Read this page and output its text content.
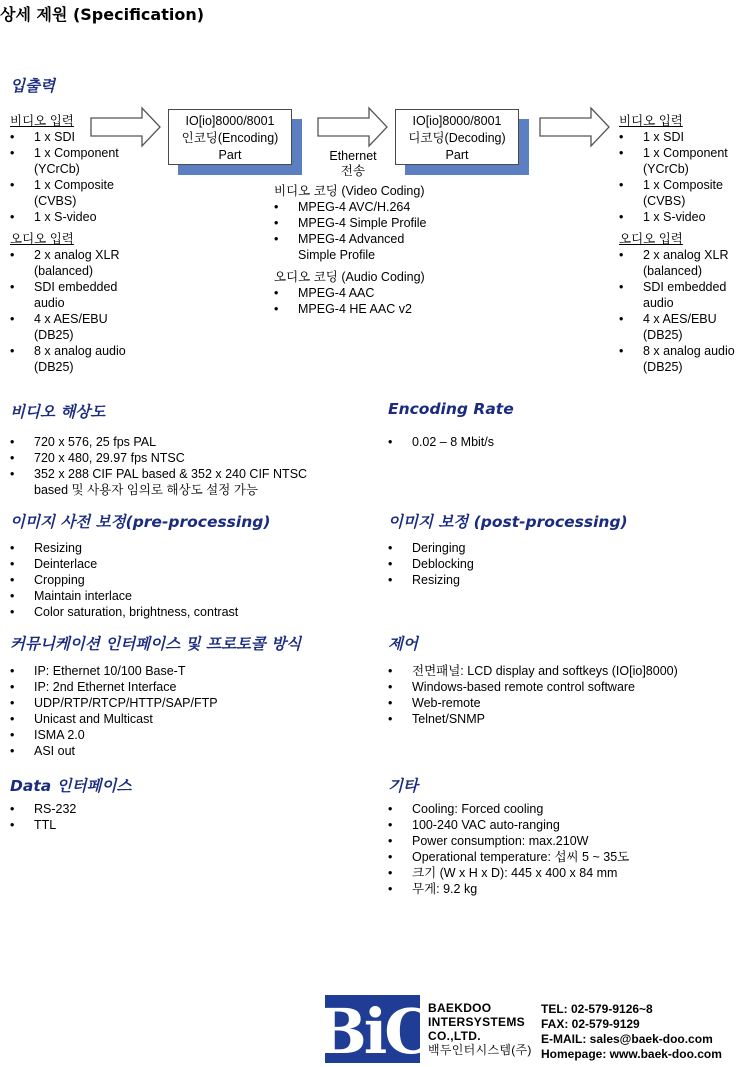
상세 제원 (Specification)
입출력
비디오 입력
• 1 x SDI
• 1 x Component (YCrCb)
• 1 x Composite (CVBS)
• 1 x S-video
오디오 입력
• 2 x analog XLR (balanced)
• SDI embedded audio
• 4 x AES/EBU (DB25)
• 8 x analog audio (DB25)
IO[io]8000/8001
인코딩(Encoding)
Part	Ethernet
전송
IO[io]8000/8001
디코딩(Decoding)
Part
비디오 코딩 (Video Coding)
• MPEG-4 AVC/H.264
• MPEG-4 Simple Profile
• MPEG-4 Advanced Simple Profile
오디오 코딩 (Audio Coding)
• MPEG-4 AAC
• MPEG-4 HE AAC v2
비디오 입력
• 1 x SDI
• 1 x Component (YCrCb)
• 1 x Composite (CVBS)
• 1 x S-video
오디오 입력
• 2 x analog XLR (balanced)
• SDI embedded audio
• 4 x AES/EBU (DB25)
• 8 x analog audio (DB25)
비디오 해상도
• 720 x 576, 25 fps PAL
• 720 x 480, 29.97 fps NTSC
• 352 x 288 CIF PAL based & 352 x 240 CIF NTSC based 및 사용자 임의로 해상도 설정 가능
Encoding Rate
• 0.02 – 8 Mbit/s
이미지 사전 보정(pre-processing)
• Resizing
• Deinterlace
• Cropping
• Maintain interlace
• Color saturation, brightness, contrast
이미지 보정 (post-processing)
• Deringing
• Deblocking
• Resizing
커뮤니케이션 인터페이스 및 프로토콜 방식
• IP: Ethernet 10/100 Base-T
• IP: 2nd Ethernet Interface
• UDP/RTP/RTCP/HTTP/SAP/FTP
• Unicast and Multicast
• ISMA 2.0
• ASI out
제어
• 전면패널: LCD display and softkeys (IO[io]8000)
• Windows-based remote control software
• Web-remote
• Telnet/SNMP
Data 인터페이스
• RS-232
• TTL
기타
• Cooling: Forced cooling
• 100-240 VAC auto-ranging
• Power consumption: max.210W
• Operational temperature: 섭씨 5 ~ 35도
• 크기 (W x H x D): 445 x 400 x 84 mm
• 무게: 9.2 kg
BiC
BAEKDOO
INTERSYSTEMS
CO.,LTD.
백두인터시스템(주)
TEL: 02-579-9126~8
FAX: 02-579-9129
E-MAIL: sales@baek-doo.com
Homepage: www.baek-doo.com
